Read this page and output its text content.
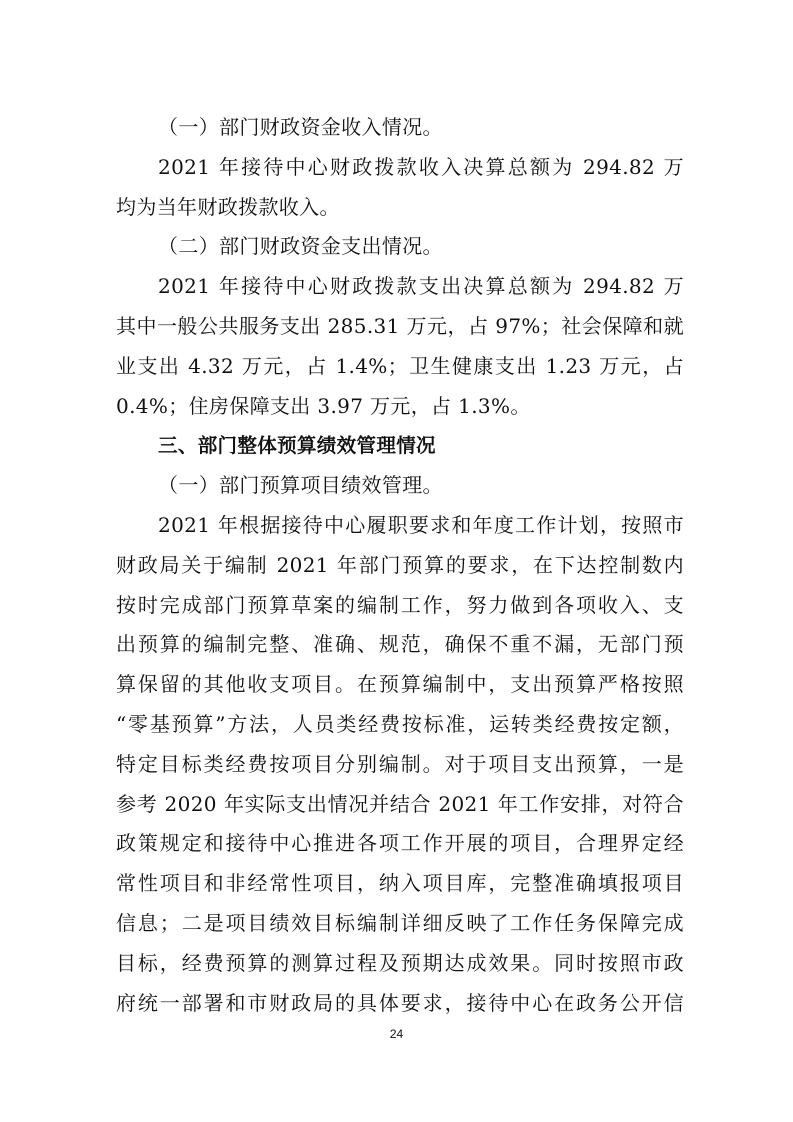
（一）部门财政资金收入情况。
2021 年接待中心财政拨款收入决算总额为 294.82 万
均为当年财政拨款收入。
（二）部门财政资金支出情况。
2021 年接待中心财政拨款支出决算总额为 294.82 万
其中一般公共服务支出 285.31 万元，占 97%；社会保障和就
业支出 4.32 万元，占 1.4%；卫生健康支出 1.23 万元，占
0.4%；住房保障支出 3.97 万元，占 1.3%。
三、部门整体预算绩效管理情况
（一）部门预算项目绩效管理。
2021 年根据接待中心履职要求和年度工作计划，按照市
财政局关于编制 2021 年部门预算的要求，在下达控制数内
按时完成部门预算草案的编制工作，努力做到各项收入、支
出预算的编制完整、准确、规范，确保不重不漏，无部门预
算保留的其他收支项目。在预算编制中，支出预算严格按照
“零基预算”方法，人员类经费按标准，运转类经费按定额，
特定目标类经费按项目分别编制。对于项目支出预算，一是
参考 2020 年实际支出情况并结合 2021 年工作安排，对符合
政策规定和接待中心推进各项工作开展的项目，合理界定经
常性项目和非经常性项目，纳入项目库，完整准确填报项目
信息；二是项目绩效目标编制详细反映了工作任务保障完成
目标，经费预算的测算过程及预期达成效果。同时按照市政
府统一部署和市财政局的具体要求，接待中心在政务公开信
24
